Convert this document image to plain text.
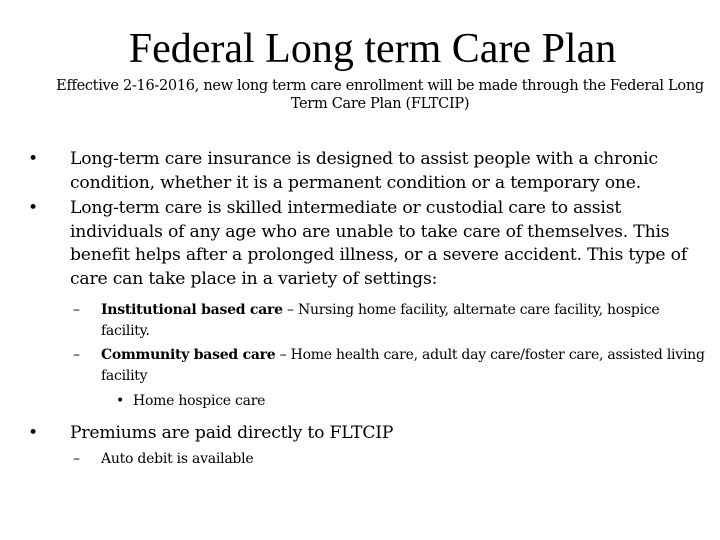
Federal Long term Care Plan
Effective 2-16-2016, new long term care enrollment will be made through the Federal Long Term Care Plan (FLTCIP)

•	Long-term care insurance is designed to assist people with a chronic condition, whether it is a permanent condition or a temporary one.

•	Long-term care is skilled intermediate or custodial care to assist individuals of any age who are unable to take care of themselves. This benefit helps after a prolonged illness, or a severe accident. This type of care can take place in a variety of settings:

– Institutional based care – Nursing home facility, alternate care facility, hospice facility.

– Community based care – Home health care, adult day care/foster care, assisted living facility

• Home hospice care

•	Premiums are paid directly to FLTCIP

– Auto debit is available
